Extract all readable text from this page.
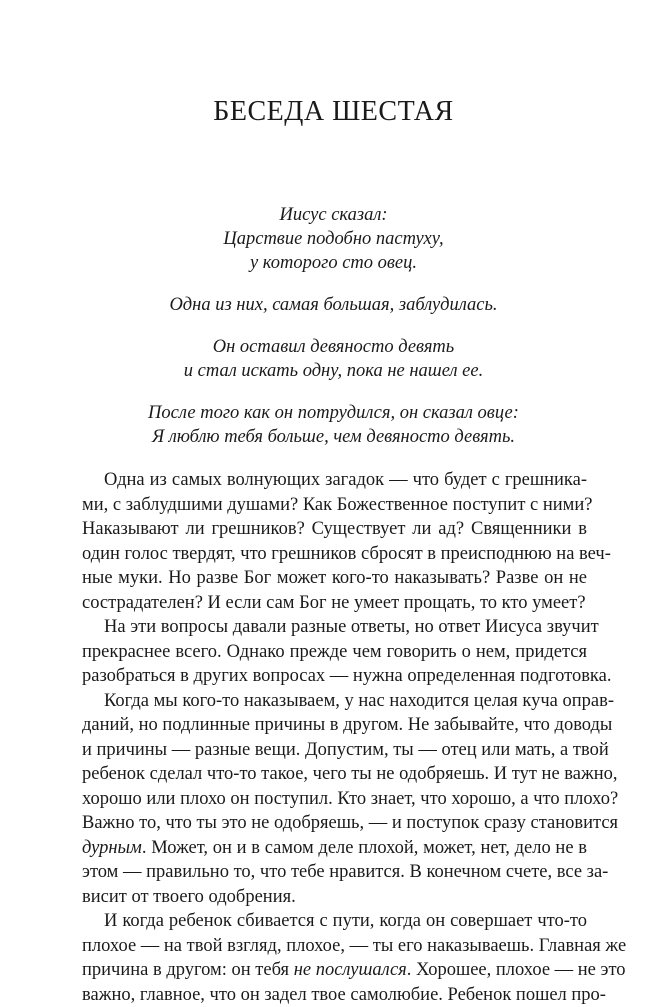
БЕСЕДА ШЕСТАЯ

Иисус сказал:
Царствие подобно пастуху,
у которого сто овец.

Одна из них, самая большая, заблудилась.

Он оставил девяносто девять
и стал искать одну, пока не нашел ее.

После того как он потрудился, он сказал овце:
Я люблю тебя больше, чем девяносто девять.

Одна из самых волнующих загадок — что будет с грешника-
ми, с заблудшими душами? Как Божественное поступит с ними?
Наказывают ли грешников? Существует ли ад? Священники в
один голос твердят, что грешников сбросят в преисподнюю на веч-
ные муки. Но разве Бог может кого-то наказывать? Разве он не
сострадателен? И если сам Бог не умеет прощать, то кто умеет?
На эти вопросы давали разные ответы, но ответ Иисуса звучит
прекраснее всего. Однако прежде чем говорить о нем, придется
разобраться в других вопросах — нужна определенная подготовка.
Когда мы кого-то наказываем, у нас находится целая куча оправ-
даний, но подлинные причины в другом. Не забывайте, что доводы
и причины — разные вещи. Допустим, ты — отец или мать, а твой
ребенок сделал что-то такое, чего ты не одобряешь. И тут не важно,
хорошо или плохо он поступил. Кто знает, что хорошо, а что плохо?
Важно то, что ты это не одобряешь, — и поступок сразу становится
дурным. Может, он и в самом деле плохой, может, нет, дело не в
этом — правильно то, что тебе нравится. В конечном счете, все за-
висит от твоего одобрения.
И когда ребенок сбивается с пути, когда он совершает что-то
плохое — на твой взгляд, плохое, — ты его наказываешь. Главная же
причина в другом: он тебя не послушался. Хорошее, плохое — не это
важно, главное, что он задел твое самолюбие. Ребенок пошел про-
